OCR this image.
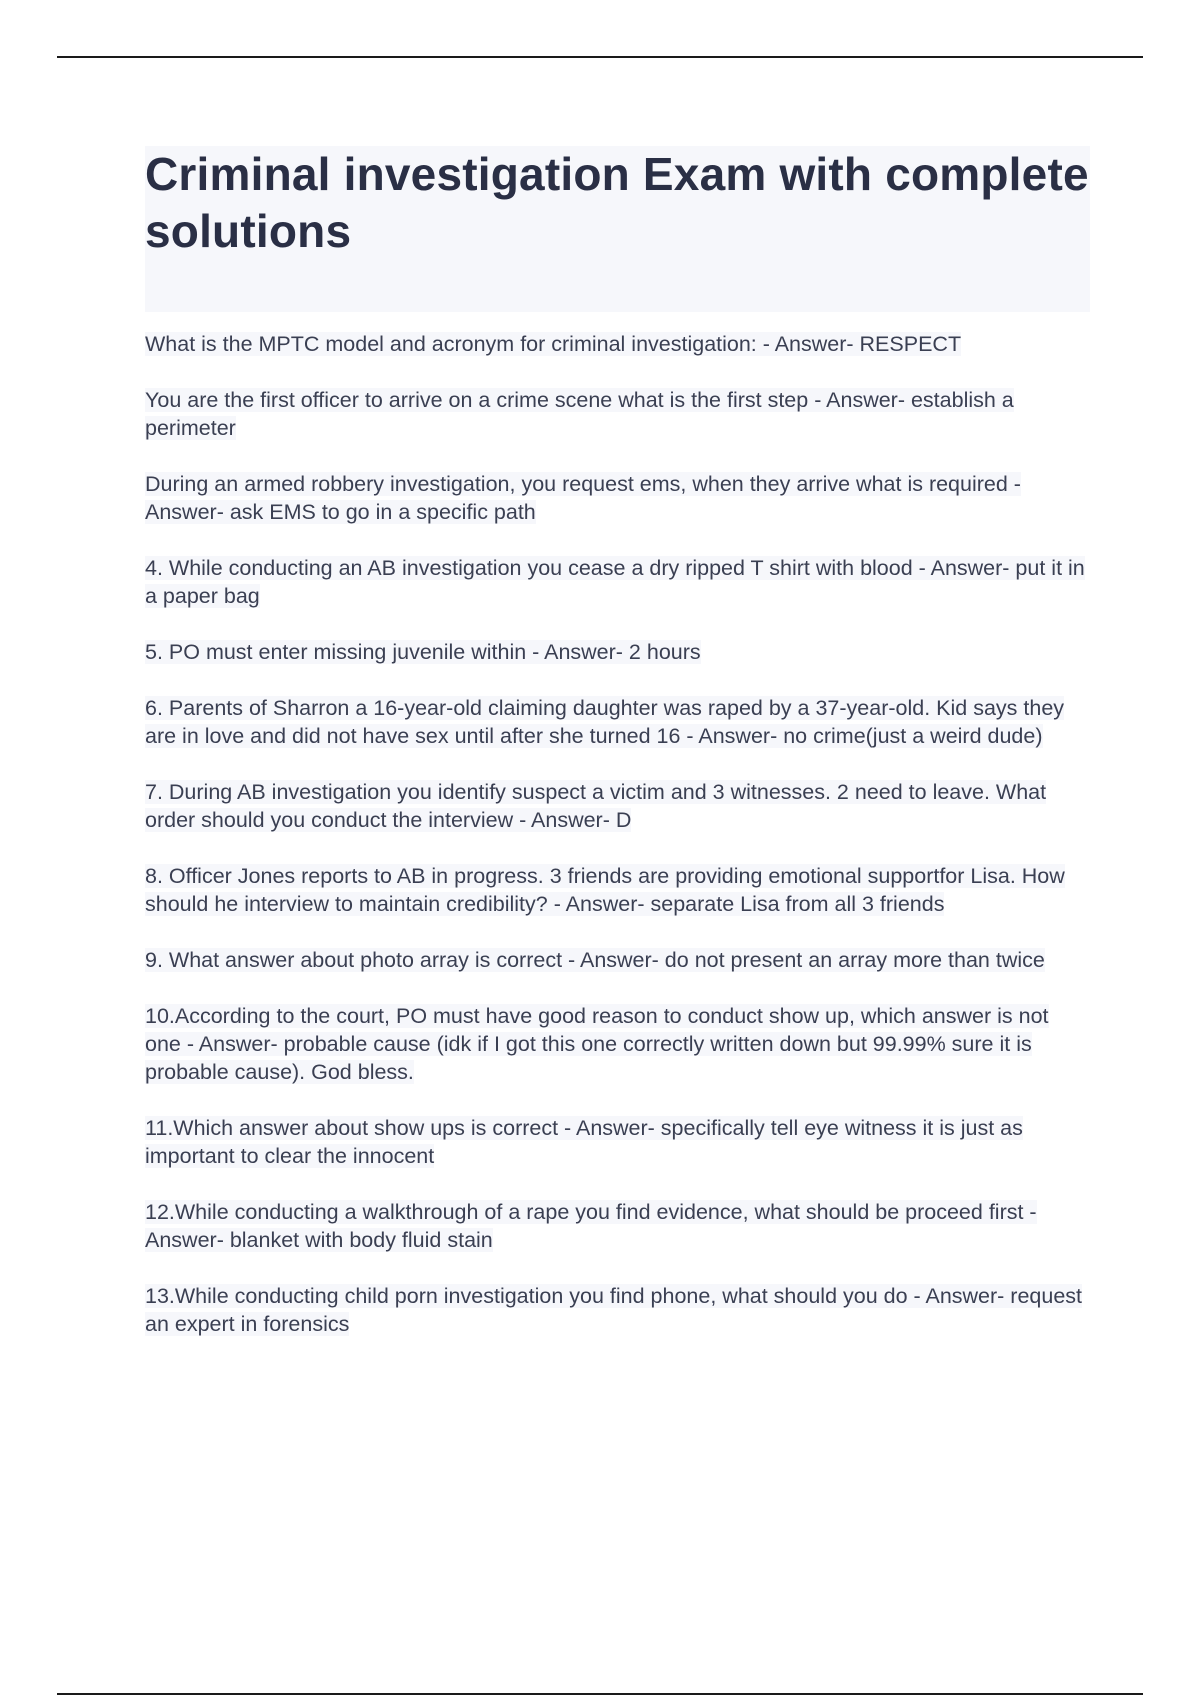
Criminal investigation Exam with complete solutions
What is the MPTC model and acronym for criminal investigation: - Answer- RESPECT
You are the first officer to arrive on a crime scene what is the first step - Answer- establish a perimeter
During an armed robbery investigation, you request ems, when they arrive what is required - Answer- ask EMS to go in a specific path
4. While conducting an AB investigation you cease a dry ripped T shirt with blood - Answer- put it in a paper bag
5. PO must enter missing juvenile within - Answer- 2 hours
6. Parents of Sharron a 16-year-old claiming daughter was raped by a 37-year-old. Kid says they are in love and did not have sex until after she turned 16 - Answer- no crime(just a weird dude)
7. During AB investigation you identify suspect a victim and 3 witnesses. 2 need to leave. What order should you conduct the interview - Answer- D
8. Officer Jones reports to AB in progress. 3 friends are providing emotional supportfor Lisa. How should he interview to maintain credibility? - Answer- separate Lisa from all 3 friends
9. What answer about photo array is correct - Answer- do not present an array more than twice
10.According to the court, PO must have good reason to conduct show up, which answer is not one - Answer- probable cause (idk if I got this one correctly written down but 99.99% sure it is probable cause). God bless.
11.Which answer about show ups is correct - Answer- specifically tell eye witness it is just as important to clear the innocent
12.While conducting a walkthrough of a rape you find evidence, what should be proceed first - Answer- blanket with body fluid stain
13.While conducting child porn investigation you find phone, what should you do - Answer- request an expert in forensics
